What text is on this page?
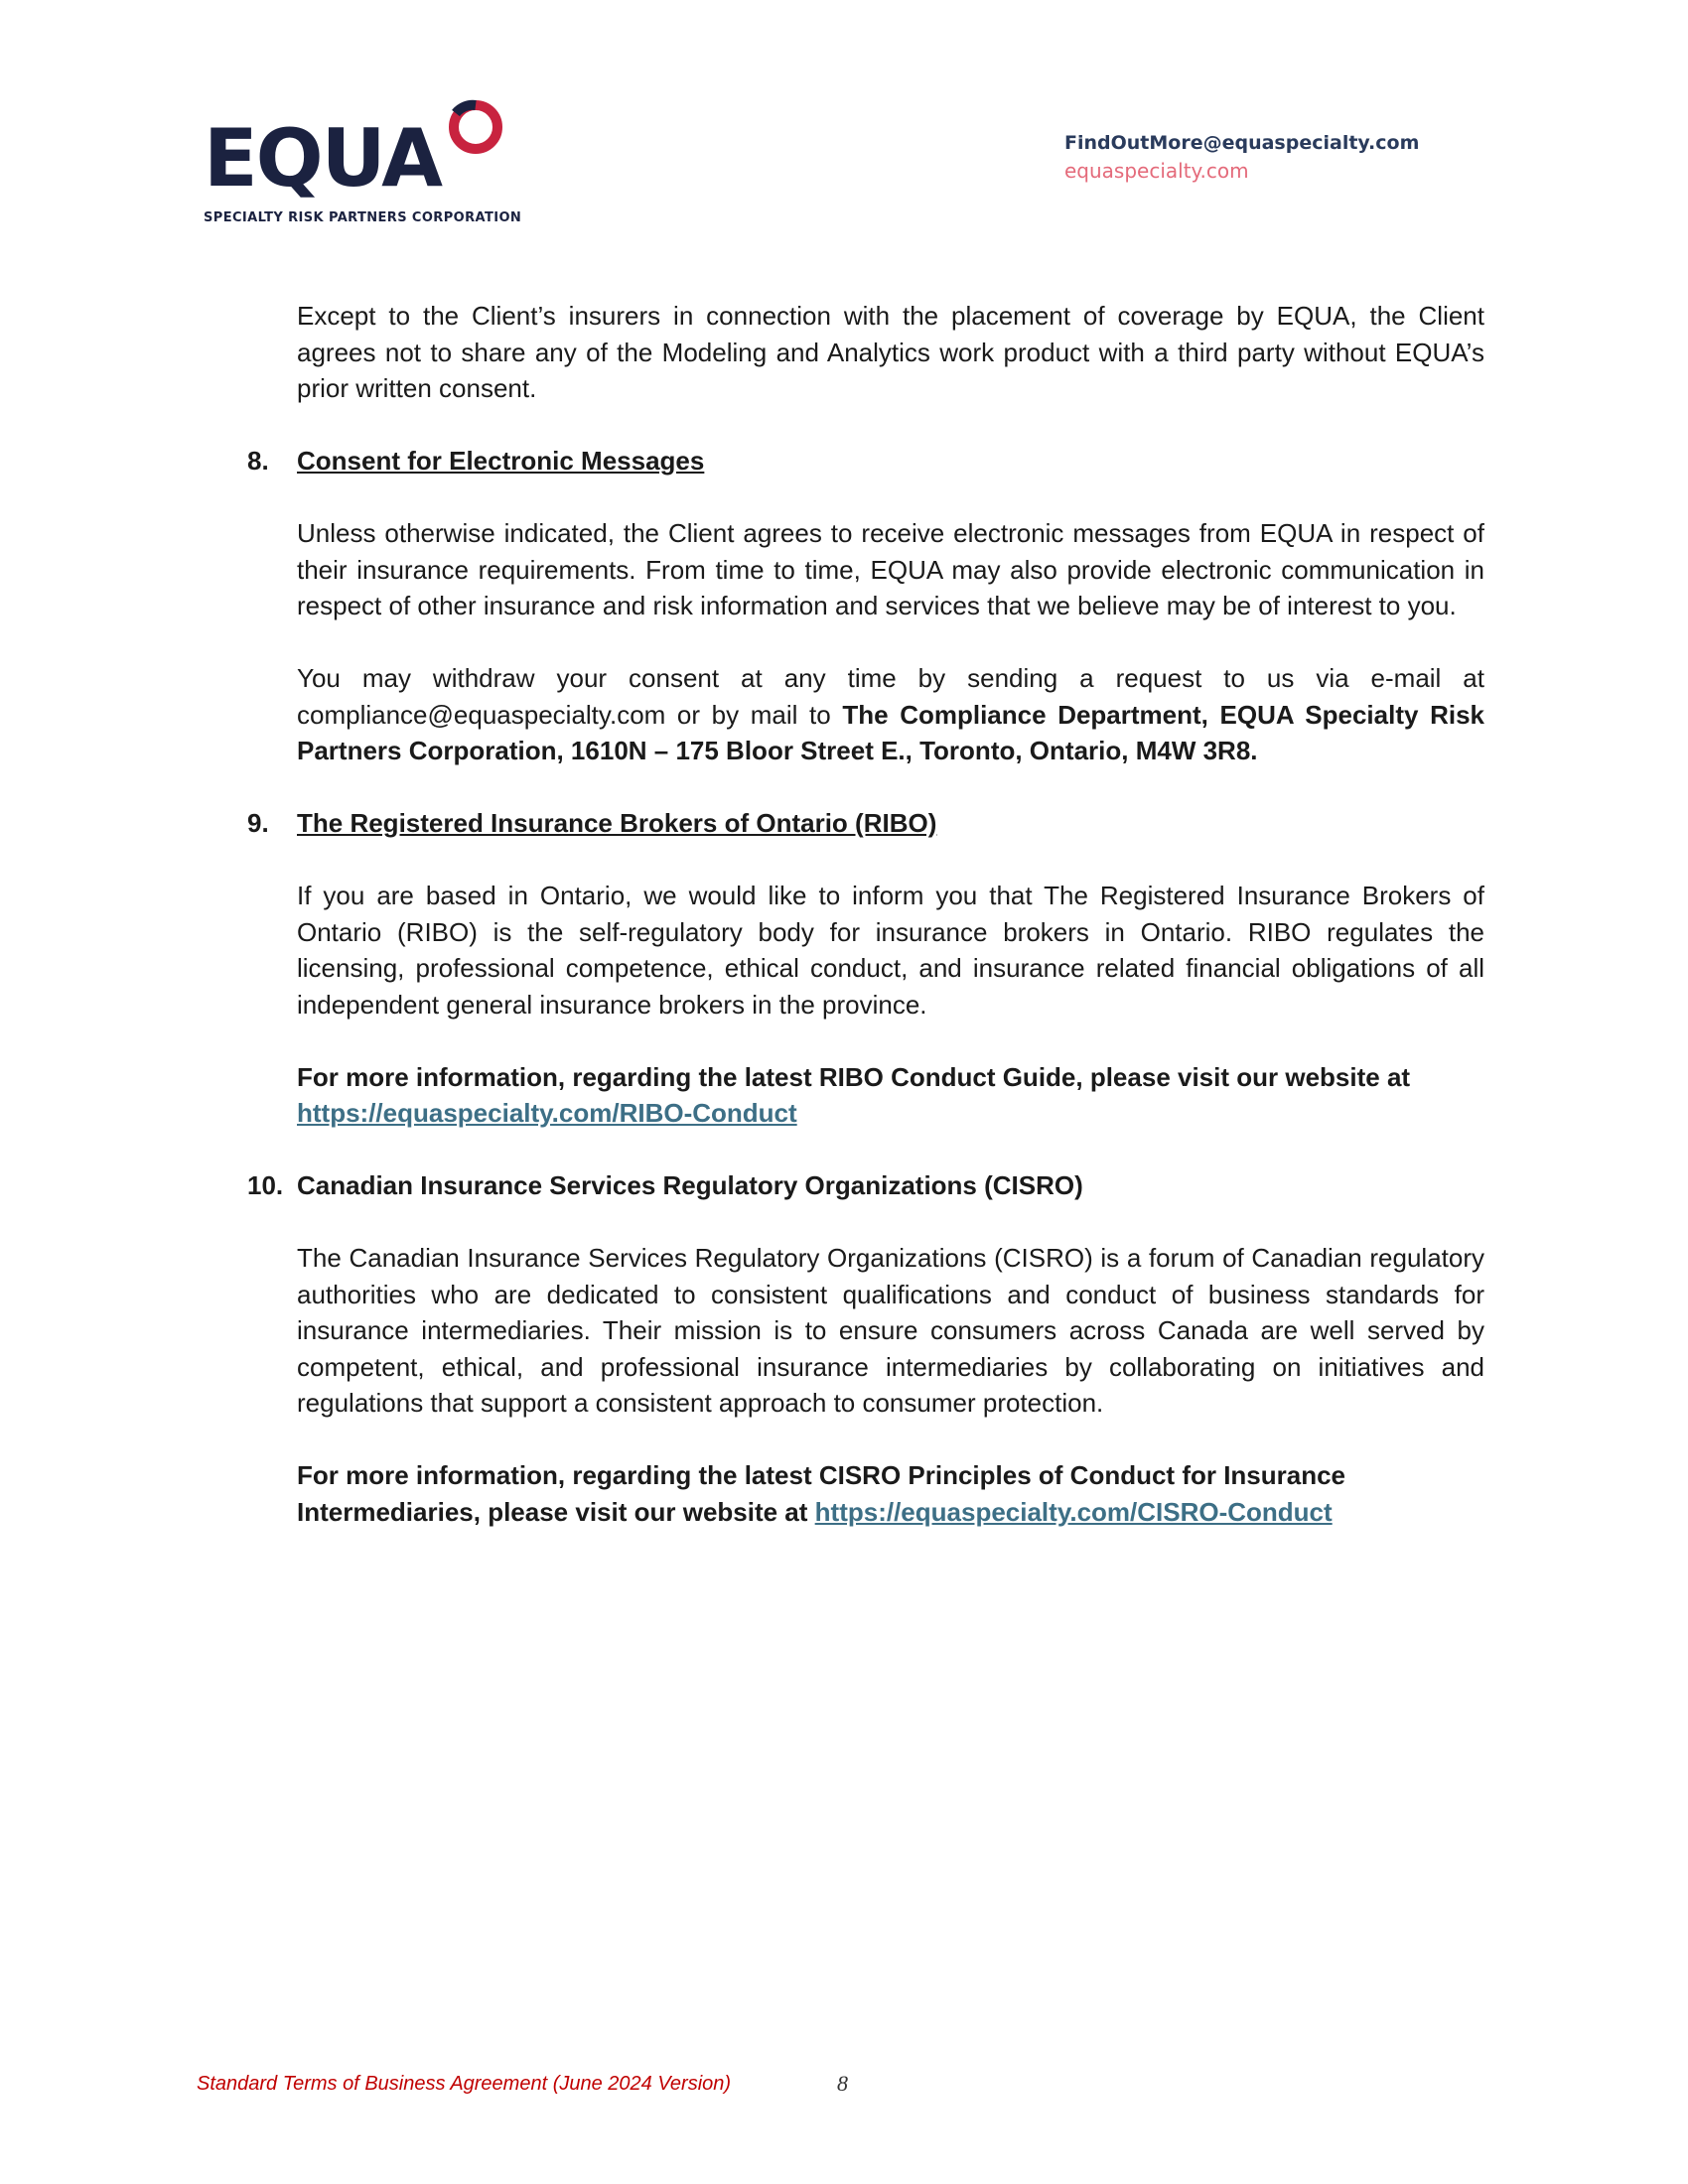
EQUA
SPECIALTY RISK PARTNERS CORPORATION
FindOutMore@equaspecialty.com
equaspecialty.com

Except to the Client’s insurers in connection with the placement of coverage by EQUA, the Client agrees not to share any of the Modeling and Analytics work product with a third party without EQUA’s prior written consent.

8. Consent for Electronic Messages

Unless otherwise indicated, the Client agrees to receive electronic messages from EQUA in respect of their insurance requirements. From time to time, EQUA may also provide electronic communication in respect of other insurance and risk information and services that we believe may be of interest to you.

You may withdraw your consent at any time by sending a request to us via e-mail at compliance@equaspecialty.com or by mail to The Compliance Department, EQUA Specialty Risk Partners Corporation, 1610N – 175 Bloor Street E., Toronto, Ontario, M4W 3R8.

9. The Registered Insurance Brokers of Ontario (RIBO)

If you are based in Ontario, we would like to inform you that The Registered Insurance Brokers of Ontario (RIBO) is the self-regulatory body for insurance brokers in Ontario. RIBO regulates the licensing, professional competence, ethical conduct, and insurance related financial obligations of all independent general insurance brokers in the province.

For more information, regarding the latest RIBO Conduct Guide, please visit our website at
https://equaspecialty.com/RIBO-Conduct

10. Canadian Insurance Services Regulatory Organizations (CISRO)

The Canadian Insurance Services Regulatory Organizations (CISRO) is a forum of Canadian regulatory authorities who are dedicated to consistent qualifications and conduct of business standards for insurance intermediaries. Their mission is to ensure consumers across Canada are well served by competent, ethical, and professional insurance intermediaries by collaborating on initiatives and regulations that support a consistent approach to consumer protection.

For more information, regarding the latest CISRO Principles of Conduct for Insurance
Intermediaries, please visit our website at https://equaspecialty.com/CISRO-Conduct

Standard Terms of Business Agreement (June 2024 Version)	8
